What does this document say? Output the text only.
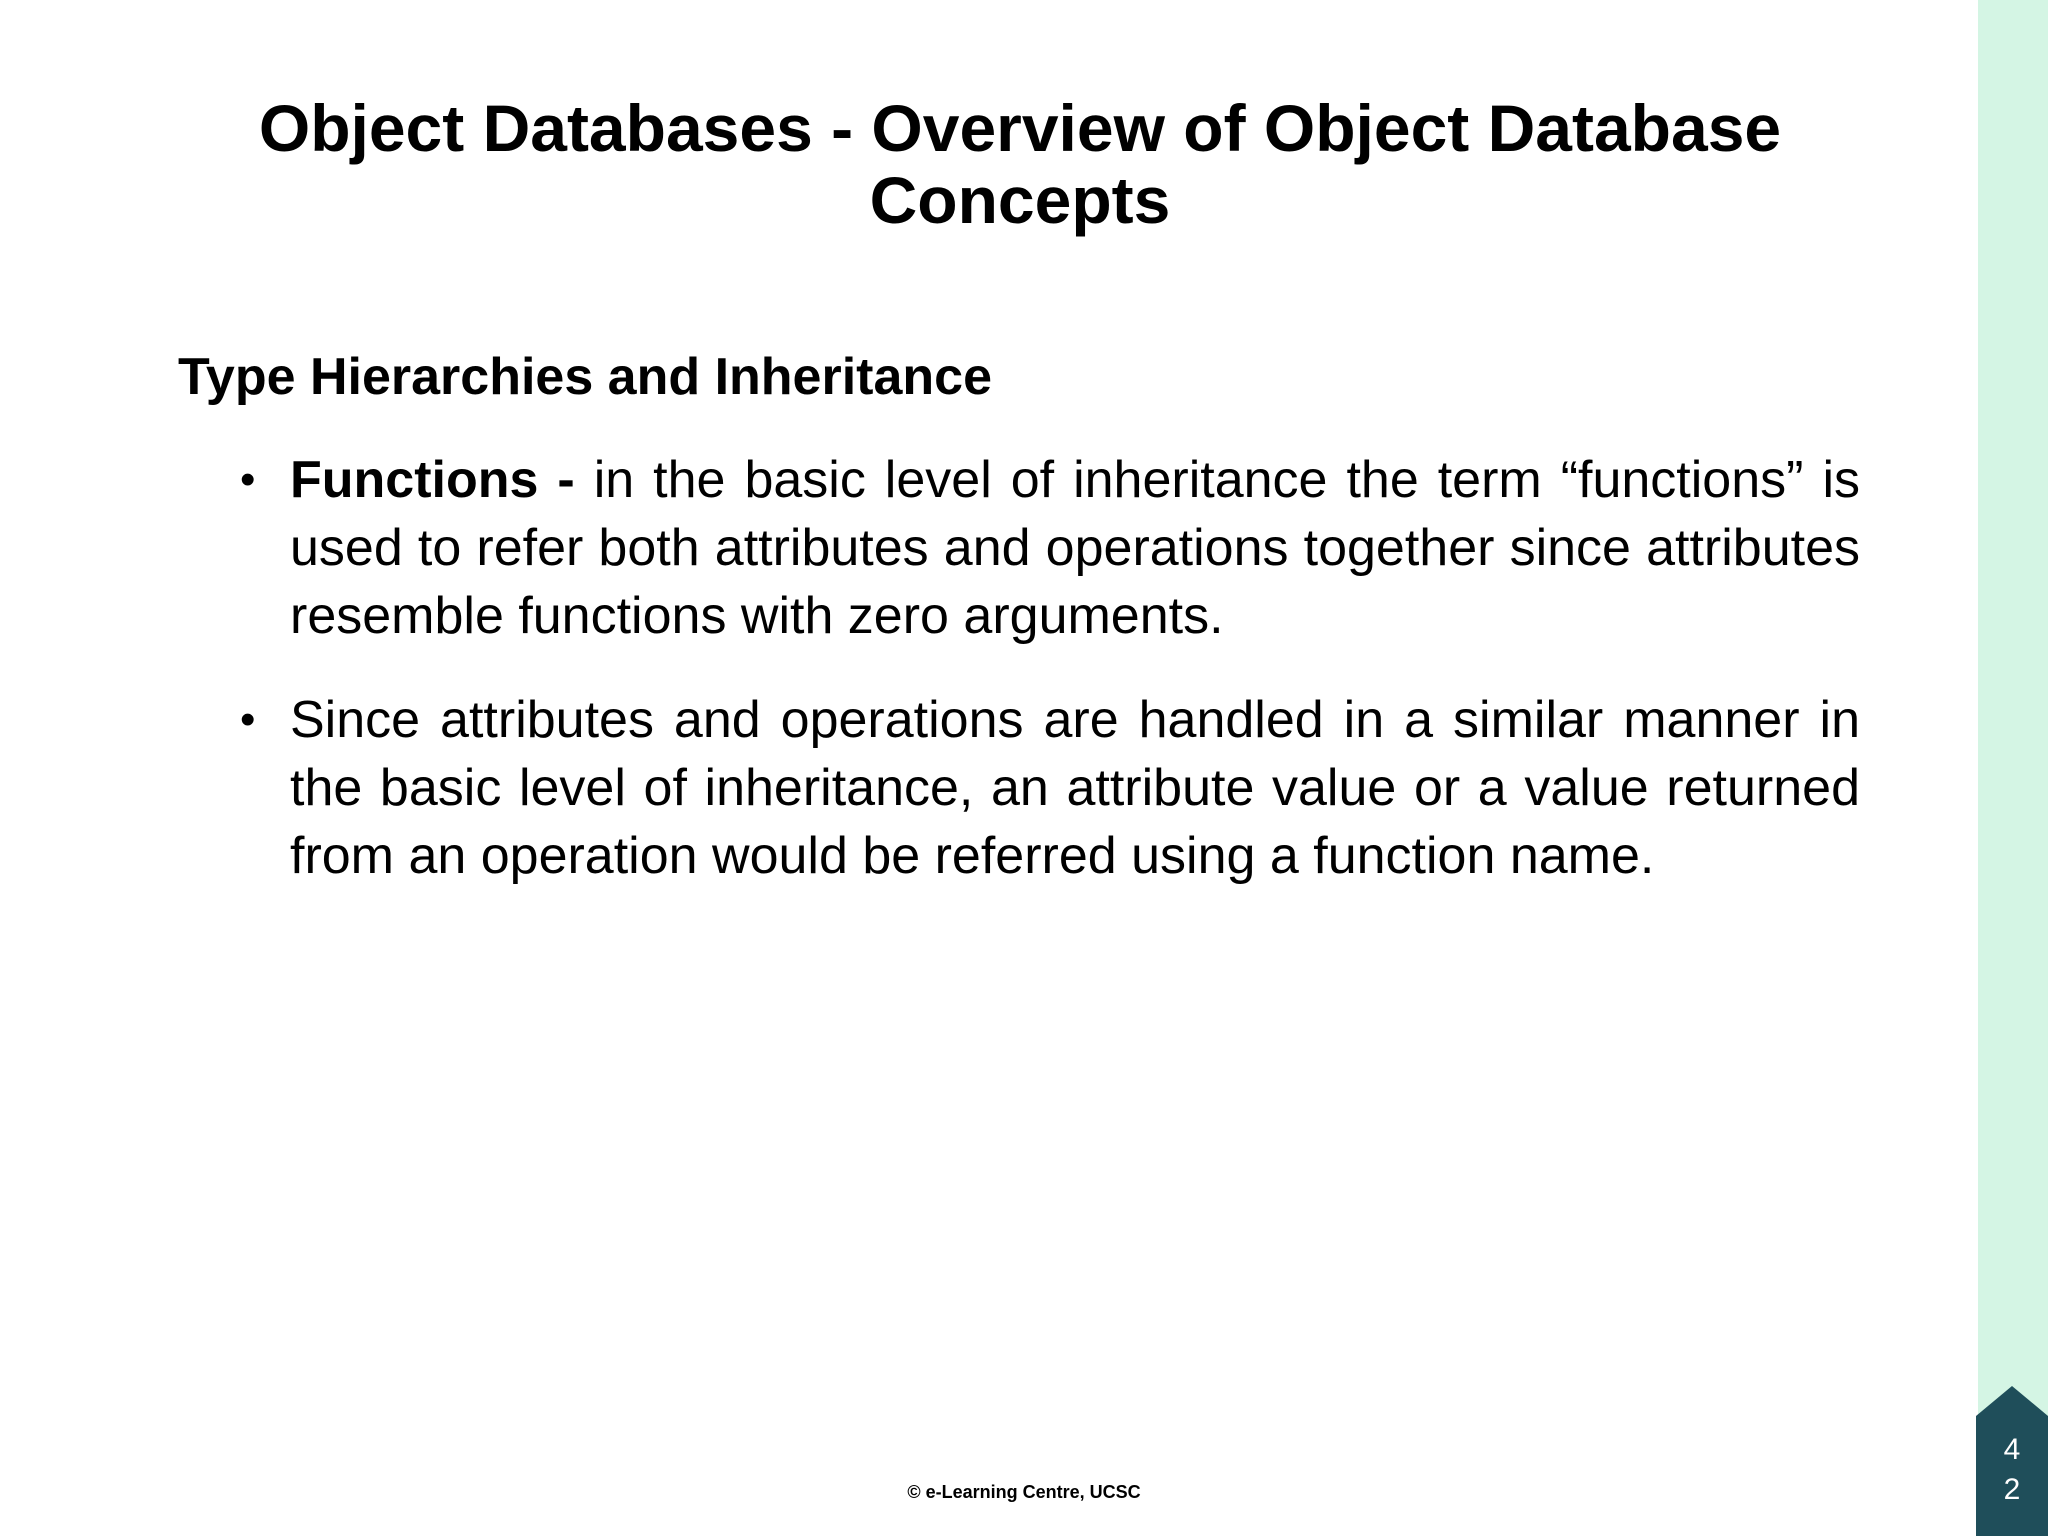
Object Databases - Overview of Object Database Concepts
Type Hierarchies and Inheritance
• Functions - in the basic level of inheritance the term “functions” is used to refer both attributes and operations together since attributes resemble functions with zero arguments.
• Since attributes and operations are handled in a similar manner in the basic level of inheritance, an attribute value or a value returned from an operation would be referred using a function name.
© e-Learning Centre, UCSC
4
2
